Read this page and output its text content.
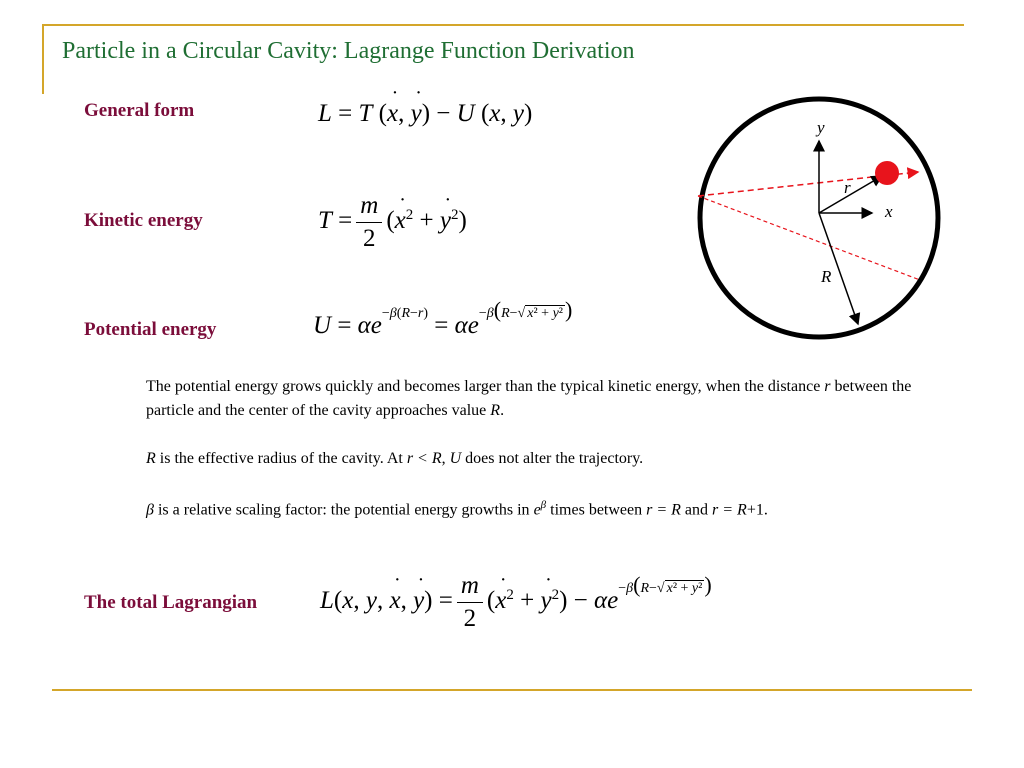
Particle in a Circular Cavity: Lagrange Function Derivation
General form
Kinetic energy
Potential energy
The total Lagrangian
L = T (x ˙, y ˙) − U (x, y)
$T = \frac{m}{2} (x$ ˙$^2$ + y ˙$^2$)
$U = \alpha e^{-\beta(R-r)} = \alpha e^{-\beta(R-√ x^2 + y^2)}$
L(x, y, x ˙, y ˙) = $\frac{m}{2} (x$ ˙$^2$ + y ˙$^2$) − $\alpha e^{-\beta(R-√ x^2 + y^2)}$
The potential energy grows quickly and becomes larger than the typical kinetic energy, when the distance r between the particle and the center of the cavity approaches value R.
R is the effective radius of the cavity. At r < R, U does not alter the trajectory.
β is a relative scaling factor: the potential energy growths in $e^\beta$ times between r = R and r = R+1.
y
x
r
R
